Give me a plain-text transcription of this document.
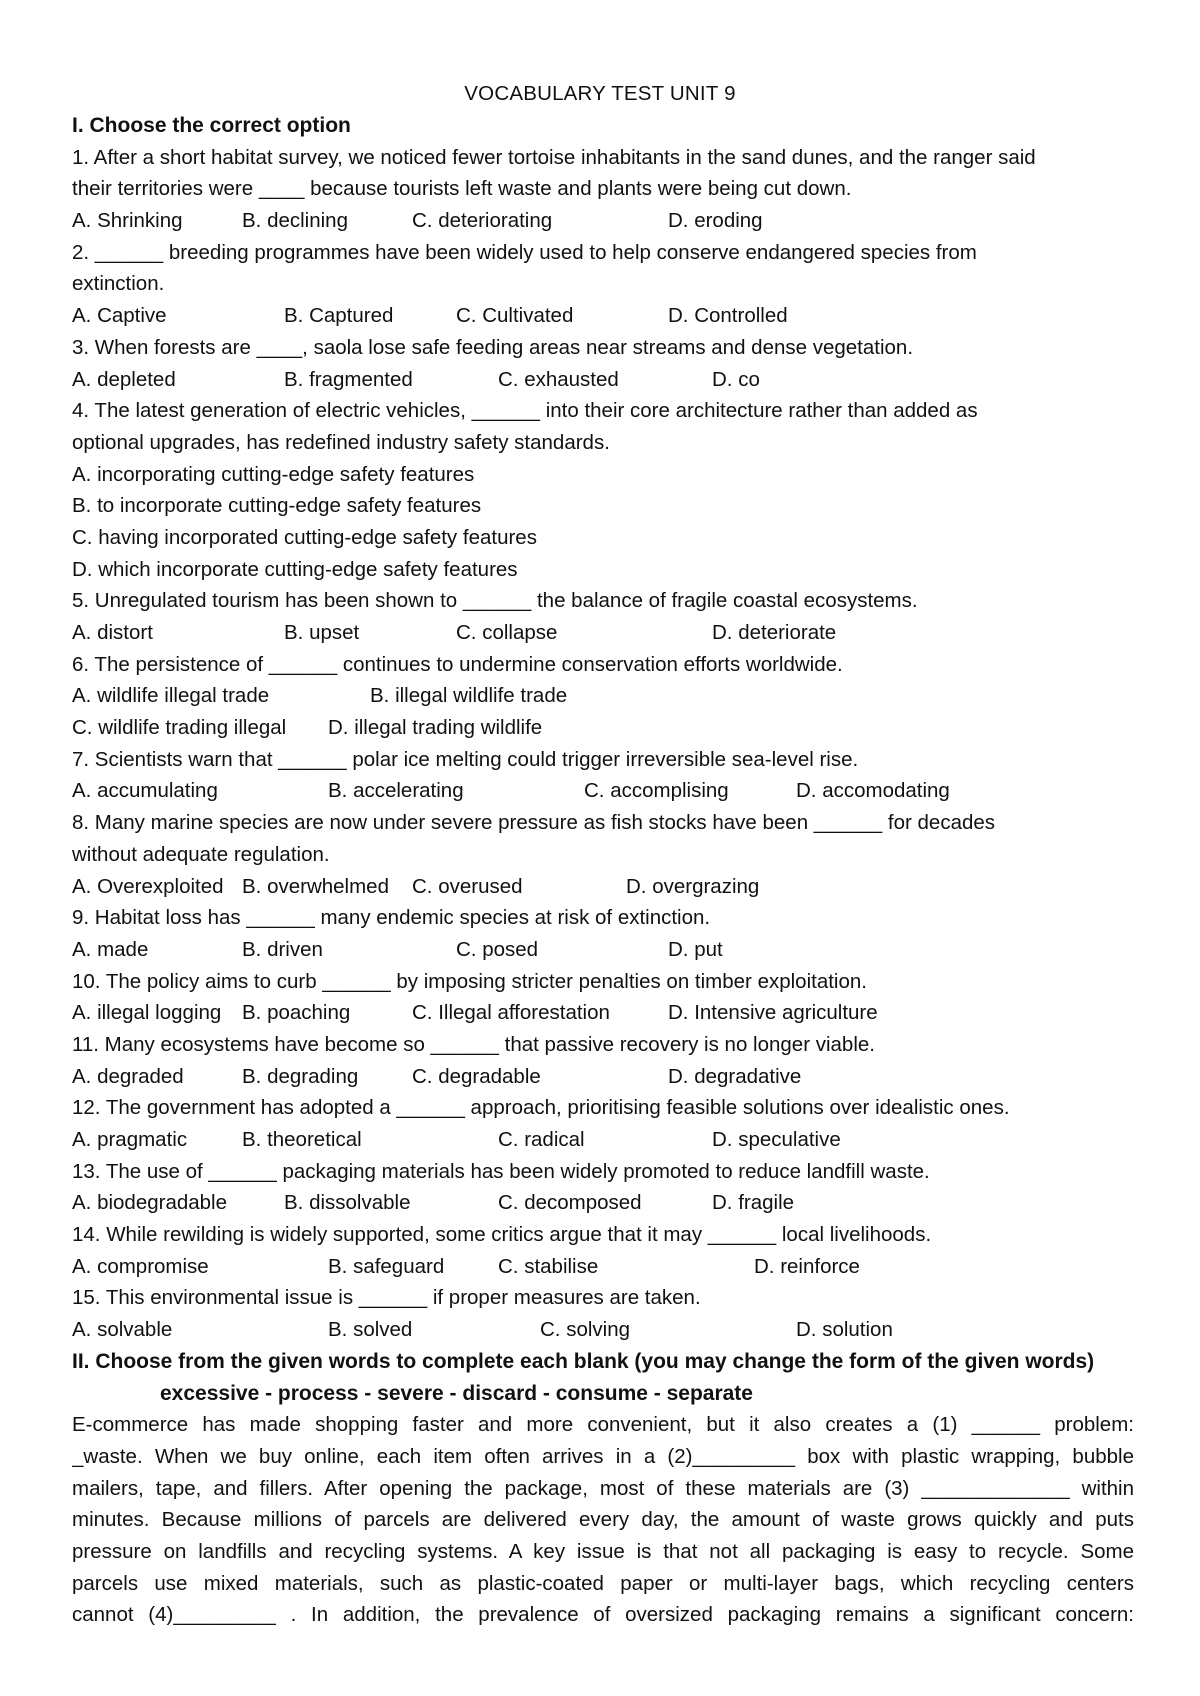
VOCABULARY TEST UNIT 9
I. Choose the correct option
1. After a short habitat survey, we noticed fewer tortoise inhabitants in the sand dunes, and the ranger said
their territories were ____ because tourists left waste and plants were being cut down.
A. Shrinking	B. declining	C. deteriorating	D. eroding
2. ______ breeding programmes have been widely used to help conserve endangered species from
extinction.
A. Captive	B. Captured	C. Cultivated	D. Controlled
3. When forests are ____, saola lose safe feeding areas near streams and dense vegetation.
A. depleted	B. fragmented	C. exhausted	D. co
4. The latest generation of electric vehicles, ______ into their core architecture rather than added as
optional upgrades, has redefined industry safety standards.
A. incorporating cutting-edge safety features
B. to incorporate cutting-edge safety features
C. having incorporated cutting-edge safety features
D. which incorporate cutting-edge safety features
5. Unregulated tourism has been shown to ______ the balance of fragile coastal ecosystems.
A. distort	B. upset	C. collapse	D. deteriorate
6. The persistence of ______ continues to undermine conservation efforts worldwide.
A. wildlife illegal trade	B. illegal wildlife trade
C. wildlife trading illegal D. illegal trading wildlife
7. Scientists warn that ______ polar ice melting could trigger irreversible sea-level rise.
A. accumulating	B. accelerating	C. accomplising	D. accomodating
8. Many marine species are now under severe pressure as fish stocks have been ______ for decades
without adequate regulation.
A. Overexploited B. overwhelmed C. overused	D. overgrazing
9. Habitat loss has ______ many endemic species at risk of extinction.
A. made	B. driven	C. posed	D. put
10. The policy aims to curb ______ by imposing stricter penalties on timber exploitation.
A. illegal logging B. poaching	C. Illegal afforestation	D. Intensive agriculture
11. Many ecosystems have become so ______ that passive recovery is no longer viable.
A. degraded	B. degrading	C. degradable	D. degradative
12. The government has adopted a ______ approach, prioritising feasible solutions over idealistic ones.
A. pragmatic	B. theoretical	C. radical	D. speculative
13. The use of ______ packaging materials has been widely promoted to reduce landfill waste.
A. biodegradable	B. dissolvable	C. decomposed	D. fragile
14. While rewilding is widely supported, some critics argue that it may ______ local livelihoods.
A. compromise	B. safeguard	C. stabilise	D. reinforce
15. This environmental issue is ______ if proper measures are taken.
A. solvable	B. solved	C. solving	D. solution
II. Choose from the given words to complete each blank (you may change the form of the given words)
excessive - process - severe - discard - consume - separate
E-commerce has made shopping faster and more convenient, but it also creates a (1) ______ problem:
_waste. When we buy online, each item often arrives in a (2)_________ box with plastic wrapping, bubble
mailers, tape, and fillers. After opening the package, most of these materials are (3) _____________ within
minutes. Because millions of parcels are delivered every day, the amount of waste grows quickly and puts
pressure on landfills and recycling systems. A key issue is that not all packaging is easy to recycle. Some
parcels use mixed materials, such as plastic-coated paper or multi-layer bags, which recycling centers
cannot (4)_________ . In addition, the prevalence of oversized packaging remains a significant concern:
